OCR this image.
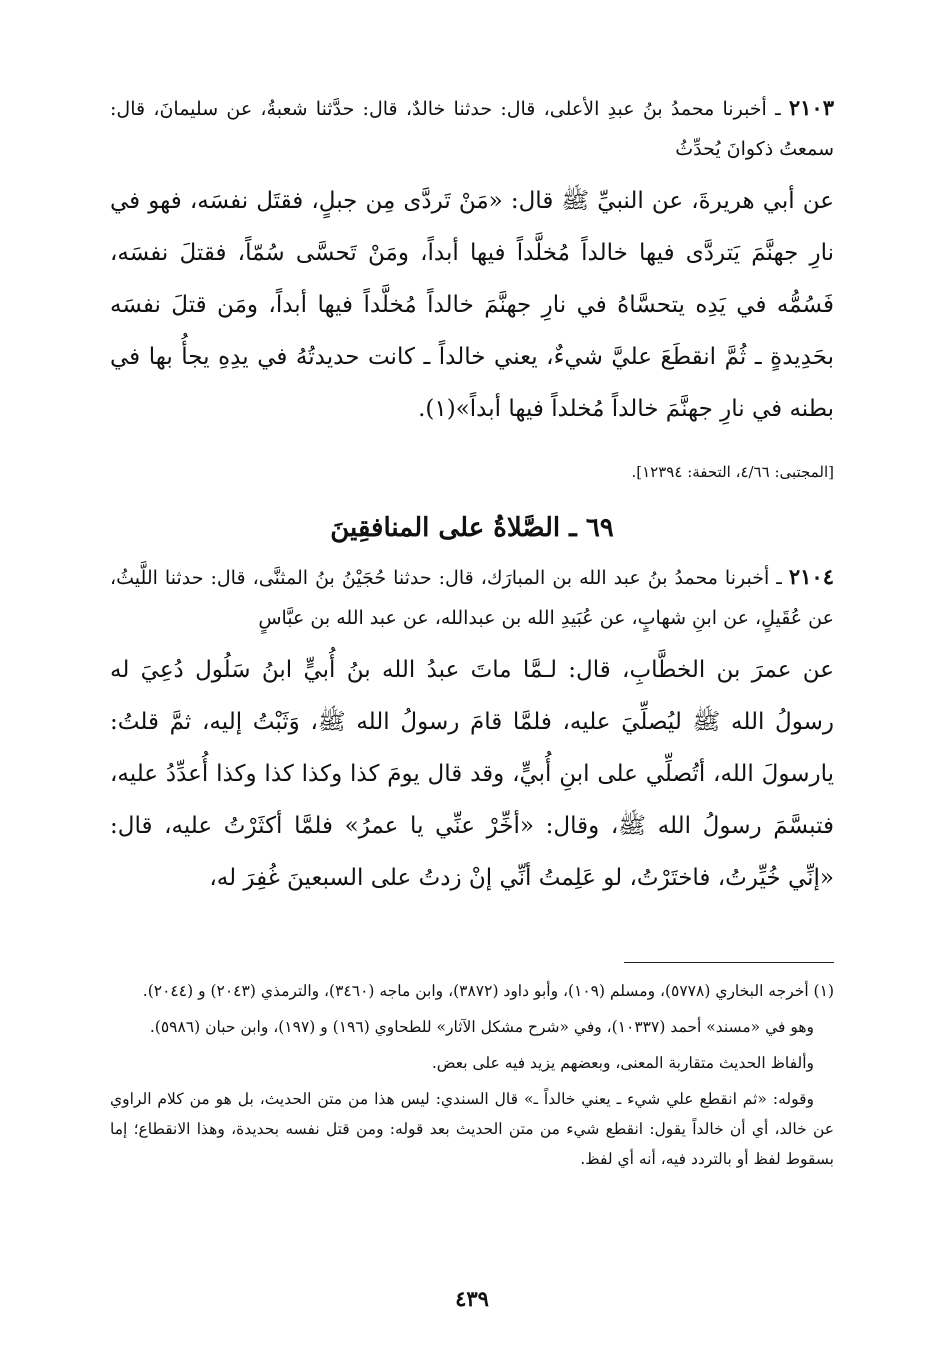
٢١٠٣ ـ أخبرنا محمدُ بنُ عبدِ الأعلى، قال: حدثنا خالدٌ، قال: حدَّثنا شعبةُ، عن سليمانَ، قال: سمعتُ ذكوانَ يُحدِّثُ

عن أبي هريرةَ، عن النبيِّ ﷺ قال: «مَنْ تَردَّى مِن جبلٍ، فقتَل نفسَه، فهو في نارِ جهنَّمَ يَتردَّى فيها خالداً مُخلَّداً فيها أبداً، ومَنْ تَحسَّى سُمّاً، فقتلَ نفسَه، فَسُمُّه في يَدِه يتحسَّاهُ في نارِ جهنَّمَ خالداً مُخلَّداً فيها أبداً، ومَن قتلَ نفسَه بحَدِيدةٍ ـ ثُمَّ انقطَعَ عليَّ شيءٌ، يعني خالداً ـ كانت حديدتُهُ في يدِهِ يجأُ بها في بطنه في نارِ جهنَّمَ خالداً مُخلداً فيها أبداً»(١).

[المجتبى: ٤/٦٦، التحفة: ١٢٣٩٤].

٦٩ ـ الصَّلاةُ على المنافقِينَ

٢١٠٤ ـ أخبرنا محمدُ بنُ عبد الله بن المبارَك، قال: حدثنا حُجَيْنُ بنُ المثنَّى، قال: حدثنا اللَّيثُ، عن عُقَيلٍ، عن ابنِ شهابٍ، عن عُبَيدِ الله بن عبدالله، عن عبد الله بن عبَّاسٍ

عن عمرَ بن الخطَّابِ، قال: لـمَّا ماتَ عبدُ الله بنُ أُبيٍّ ابنُ سَلُول دُعِيَ له رسولُ الله ﷺ ليُصلِّيَ عليه، فلمَّا قامَ رسولُ الله ﷺ، وَثَبْتُ إليه، ثمَّ قلتُ: يارسولَ الله، أتُصلِّي على ابنِ أُبيٍّ، وقد قال يومَ كذا وكذا كذا وكذا أُعدِّدُ عليه، فتبسَّمَ رسولُ الله ﷺ، وقال: «أخِّرْ عنِّي يا عمرُ» فلمَّا أكثَرْتُ عليه، قال: «إنِّي خُيِّرتُ، فاختَرْتُ، لو عَلِمتُ أنِّي إنْ زدتُ على السبعينَ غُفِرَ له،

(١) أخرجه البخاري (٥٧٧٨)، ومسلم (١٠٩)، وأبو داود (٣٨٧٢)، وابن ماجه (٣٤٦٠)، والترمذي (٢٠٤٣) و (٢٠٤٤).

وهو في «مسند» أحمد (١٠٣٣٧)، وفي «شرح مشكل الآثار» للطحاوي (١٩٦) و (١٩٧)، وابن حبان (٥٩٨٦).

وألفاظ الحديث متقاربة المعنى، وبعضهم يزيد فيه على بعض.

وقوله: «ثم انقطع علي شيء ـ يعني خالداً ـ» قال السندي: ليس هذا من متن الحديث، بل هو من كلام الراوي عن خالد، أي أن خالداً يقول: انقطع شيء من متن الحديث بعد قوله: ومن قتل نفسه بحديدة، وهذا الانقطاع؛ إما بسقوط لفظ أو بالتردد فيه، أنه أي لفظ.

٤٣٩
